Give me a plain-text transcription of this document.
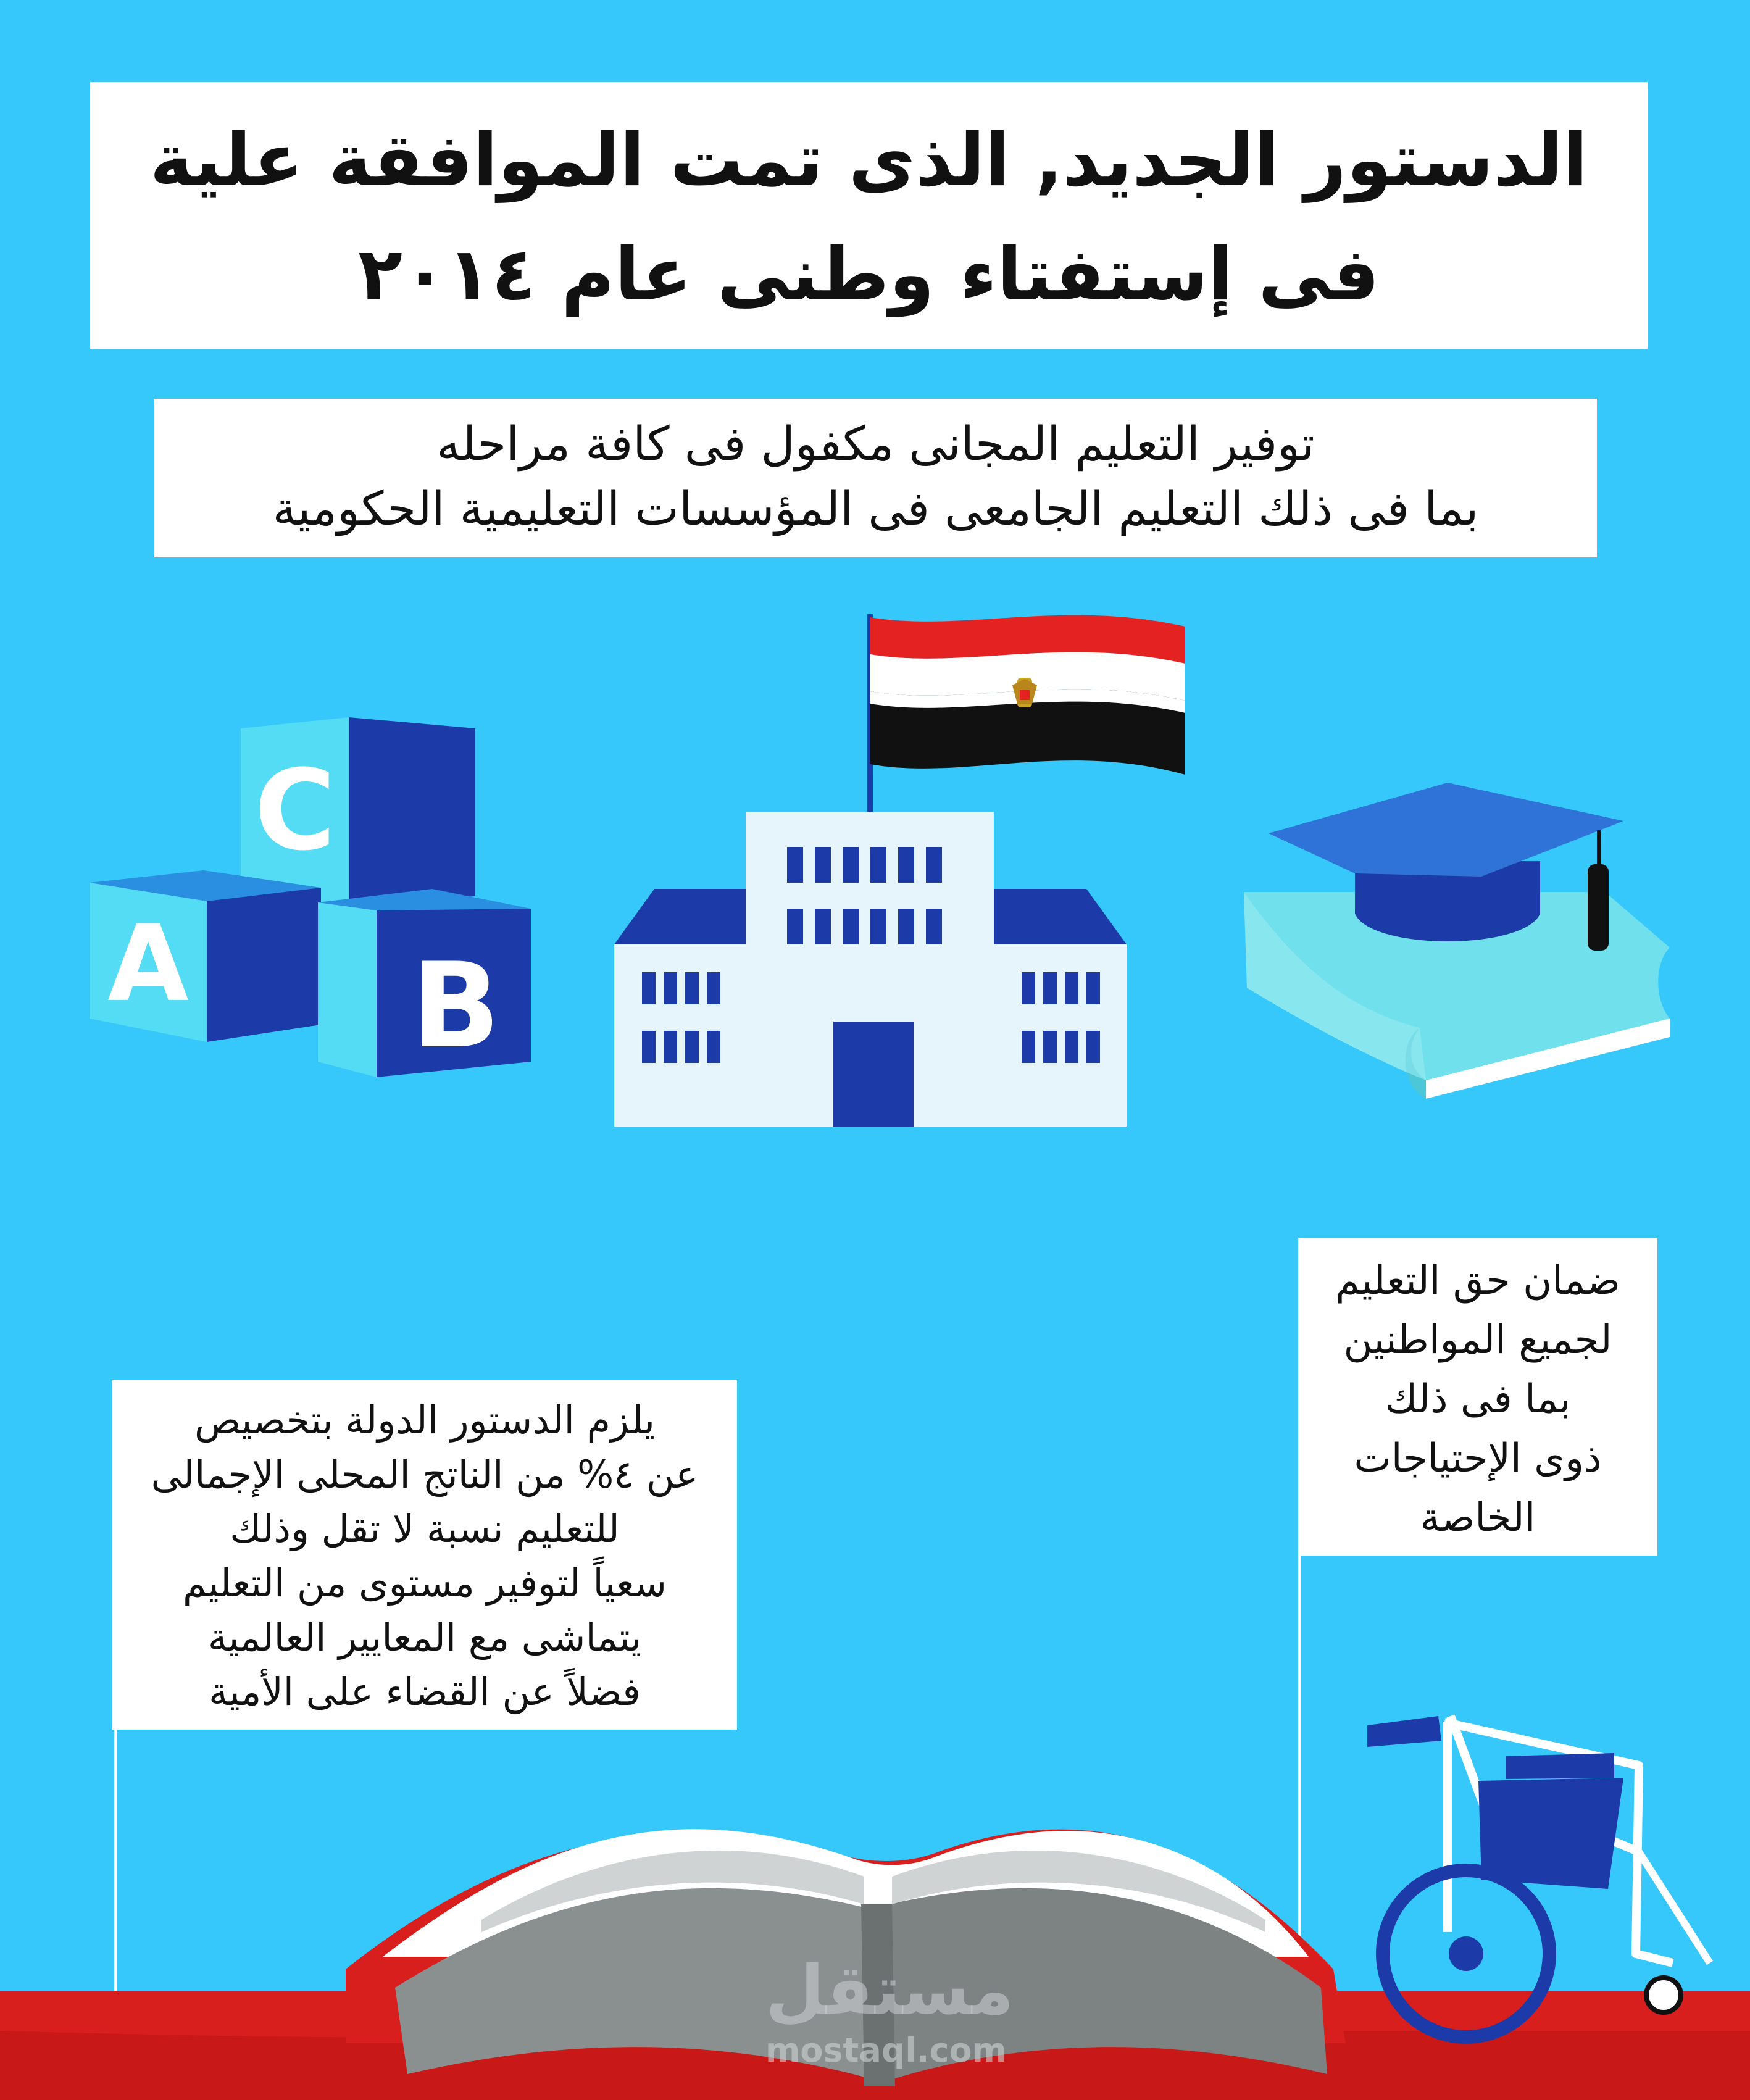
C
A B
مستقل
mostaql.com
الدستور الجديد, الذى تمت الموافقة علية
فى إستفتاء وطنى عام ٢٠١٤
توفير التعليم المجانى مكفول فى كافة مراحله
بما فى ذلك التعليم الجامعى فى المؤسسات التعليمية الحكومية
ضمان حق التعليم
لجميع المواطنين
بما فى ذلك
ذوى الإحتياجات
الخاصة
يلزم الدستور الدولة بتخصيص
عن ٤% من الناتج المحلى الإجمالى
للتعليم نسبة لا تقل وذلك
سعياً لتوفير مستوى من التعليم
يتماشى مع المعايير العالمية
فضلاً عن القضاء على الأمية
